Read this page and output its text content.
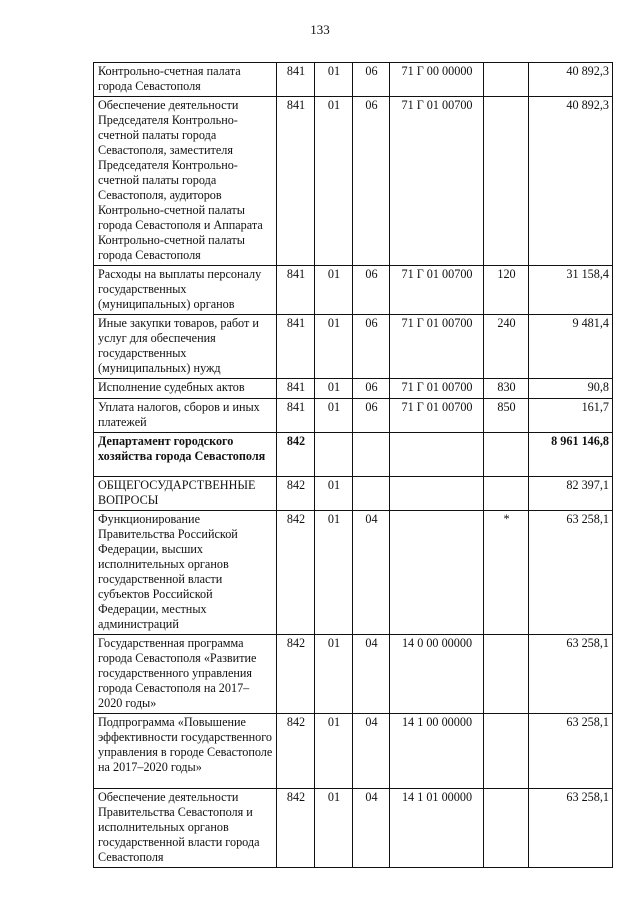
133
Контрольно-счетная палата города Севастополя	841	01	06	71 Г 00 00000		40 892,3
Обеспечение деятельности Председателя Контрольно-счетной палаты города Севастополя, заместителя Председателя Контрольно-счетной палаты города Севастополя, аудиторов Контрольно-счетной палаты города Севастополя и Аппарата Контрольно-счетной палаты города Севастополя	841	01	06	71 Г 01 00700		40 892,3
Расходы на выплаты персоналу государственных (муниципальных) органов	841	01	06	71 Г 01 00700	120	31 158,4
Иные закупки товаров, работ и услуг для обеспечения государственных (муниципальных) нужд	841	01	06	71 Г 01 00700	240	9 481,4
Исполнение судебных актов	841	01	06	71 Г 01 00700	830	90,8
Уплата налогов, сборов и иных платежей	841	01	06	71 Г 01 00700	850	161,7
Департамент городского хозяйства города Севастополя	842					8 961 146,8
ОБЩЕГОСУДАРСТВЕННЫЕ ВОПРОСЫ	842	01				82 397,1
Функционирование Правительства Российской Федерации, высших исполнительных органов государственной власти субъектов Российской Федерации, местных администраций	842	01	04		*	63 258,1
Государственная программа города Севастополя «Развитие государственного управления города Севастополя на 2017–2020 годы»	842	01	04	14 0 00 00000		63 258,1
Подпрограмма «Повышение эффективности государственного управления в городе Севастополе на 2017–2020 годы»	842	01	04	14 1 00 00000		63 258,1
Обеспечение деятельности Правительства Севастополя и исполнительных органов государственной власти города Севастополя	842	01	04	14 1 01 00000		63 258,1
